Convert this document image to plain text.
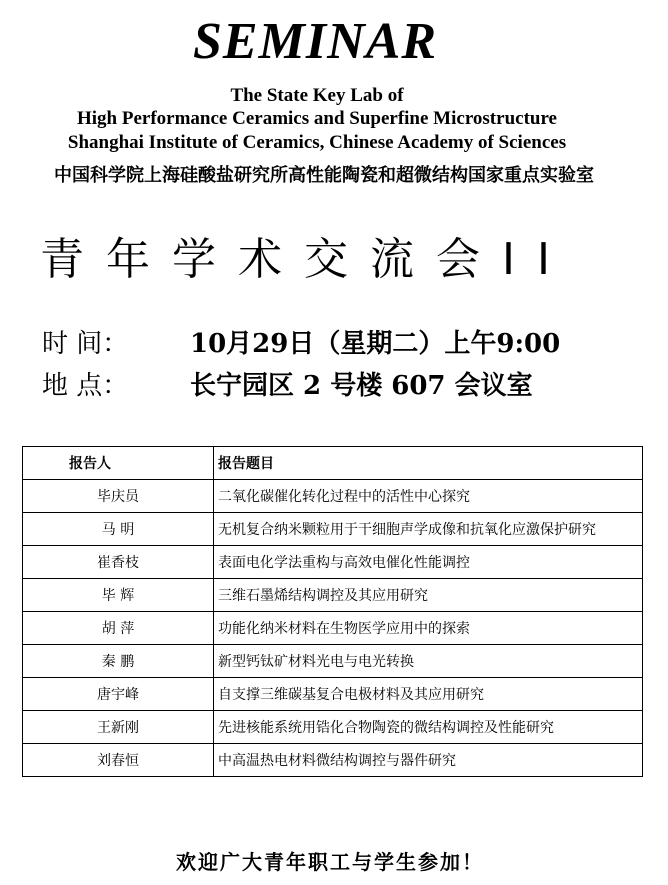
SEMINAR
The State Key Lab of
High Performance Ceramics and Superfine Microstructure
Shanghai Institute of Ceramics, Chinese Academy of Sciences
中国科学院上海硅酸盐研究所高性能陶瓷和超微结构国家重点实验室
青年学术交流会II
时 间： 10月29日（星期二）上午9:00
地 点： 长宁园区 2 号楼 607 会议室
报告人	报告题目
毕庆员	二氧化碳催化转化过程中的活性中心探究
马 明	无机复合纳米颗粒用于干细胞声学成像和抗氧化应激保护研究
崔香枝	表面电化学法重构与高效电催化性能调控
毕 辉	三维石墨烯结构调控及其应用研究
胡 萍	功能化纳米材料在生物医学应用中的探索
秦 鹏	新型钙钛矿材料光电与电光转换
唐宇峰	自支撑三维碳基复合电极材料及其应用研究
王新刚	先进核能系统用锆化合物陶瓷的微结构调控及性能研究
刘春恒	中高温热电材料微结构调控与器件研究
欢迎广大青年职工与学生参加！
